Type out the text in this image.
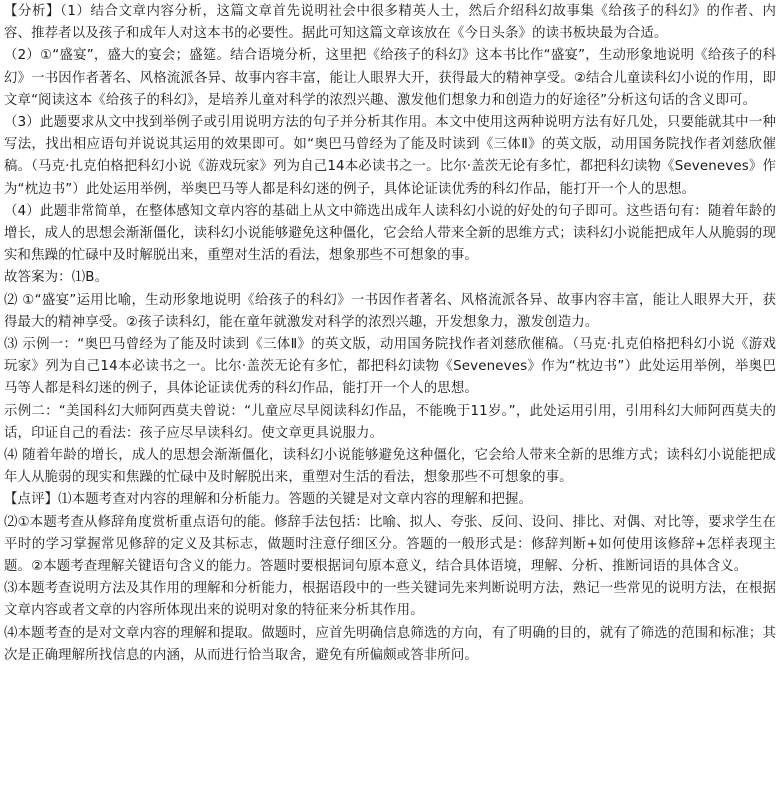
【分析】（1）结合文章内容分析，这篇文章首先说明社会中很多精英人士，然后介绍科幻故事集《给孩子的科幻》的作者、内容、推荐者以及孩子和成年人对这本书的必要性。据此可知这篇文章该放在《今日头条》的读书板块最为合适。

（2）①“盛宴”，盛大的宴会；盛筵。结合语境分析，这里把《给孩子的科幻》这本书比作“盛宴”，生动形象地说明《给孩子的科幻》一书因作者著名、风格流派各异、故事内容丰富，能让人眼界大开，获得最大的精神享受。②结合儿童读科幻小说的作用，即文章“阅读这本《给孩子的科幻》，是培养儿童对科学的浓烈兴趣、激发他们想象力和创造力的好途径”分析这句话的含义即可。

（3）此题要求从文中找到举例子或引用说明方法的句子并分析其作用。本文中使用这两种说明方法有好几处，只要能就其中一种写法，找出相应语句并说说其运用的效果即可。如“奥巴马曾经为了能及时读到《三体Ⅱ》的英文版，动用国务院找作者刘慈欣催稿。（马克·扎克伯格把科幻小说《游戏玩家》列为自己14本必读书之一。比尔·盖茨无论有多忙，都把科幻读物《Seveneves》作为“枕边书”）此处运用举例，举奥巴马等人都是科幻迷的例子，具体论证读优秀的科幻作品，能打开一个人的思想。

（4）此题非常简单，在整体感知文章内容的基础上从文中筛选出成年人读科幻小说的好处的句子即可。这些语句有：随着年龄的增长，成人的思想会渐渐僵化，读科幻小说能够避免这种僵化，它会给人带来全新的思维方式；读科幻小说能把成年人从脆弱的现实和焦躁的忙碌中及时解脱出来，重塑对生活的看法，想象那些不可想象的事。

故答案为：⑴B。

⑵ ①“盛宴”运用比喻，生动形象地说明《给孩子的科幻》一书因作者著名、风格流派各异、故事内容丰富，能让人眼界大开，获得最大的精神享受。②孩子读科幻，能在童年就激发对科学的浓烈兴趣，开发想象力，激发创造力。

⑶ 示例一：“奥巴马曾经为了能及时读到《三体Ⅱ》的英文版，动用国务院找作者刘慈欣催稿。（马克·扎克伯格把科幻小说《游戏玩家》列为自己14本必读书之一。比尔·盖茨无论有多忙，都把科幻读物《Seveneves》作为“枕边书”）此处运用举例，举奥巴马等人都是科幻迷的例子，具体论证读优秀的科幻作品，能打开一个人的思想。

示例二：“美国科幻大师阿西莫夫曾说：“儿童应尽早阅读科幻作品，不能晚于11岁。”，此处运用引用，引用科幻大师阿西莫夫的话，印证自己的看法：孩子应尽早读科幻。使文章更具说服力。

⑷ 随着年龄的增长，成人的思想会渐渐僵化，读科幻小说能够避免这种僵化，它会给人带来全新的思维方式；读科幻小说能把成年人从脆弱的现实和焦躁的忙碌中及时解脱出来，重塑对生活的看法，想象那些不可想象的事。

【点评】⑴本题考查对内容的理解和分析能力。答题的关键是对文章内容的理解和把握。

⑵①本题考查从修辞角度赏析重点语句的能。修辞手法包括：比喻、拟人、夸张、反问、设问、排比、对偶、对比等，要求学生在平时的学习掌握常见修辞的定义及其标志，做题时注意仔细区分。答题的一般形式是：修辞判断+如何使用该修辞+怎样表现主题。②本题考查理解关键语句含义的能力。答题时要根据词句原本意义，结合具体语境，理解、分析、推断词语的具体含义。

⑶本题考查说明方法及其作用的理解和分析能力，根据语段中的一些关键词先来判断说明方法，熟记一些常见的说明方法，在根据文章内容或者文章的内容所体现出来的说明对象的特征来分析其作用。

⑷本题考查的是对文章内容的理解和提取。做题时，应首先明确信息筛选的方向，有了明确的目的，就有了筛选的范围和标准；其次是正确理解所找信息的内涵，从而进行恰当取舍，避免有所偏颇或答非所问。
